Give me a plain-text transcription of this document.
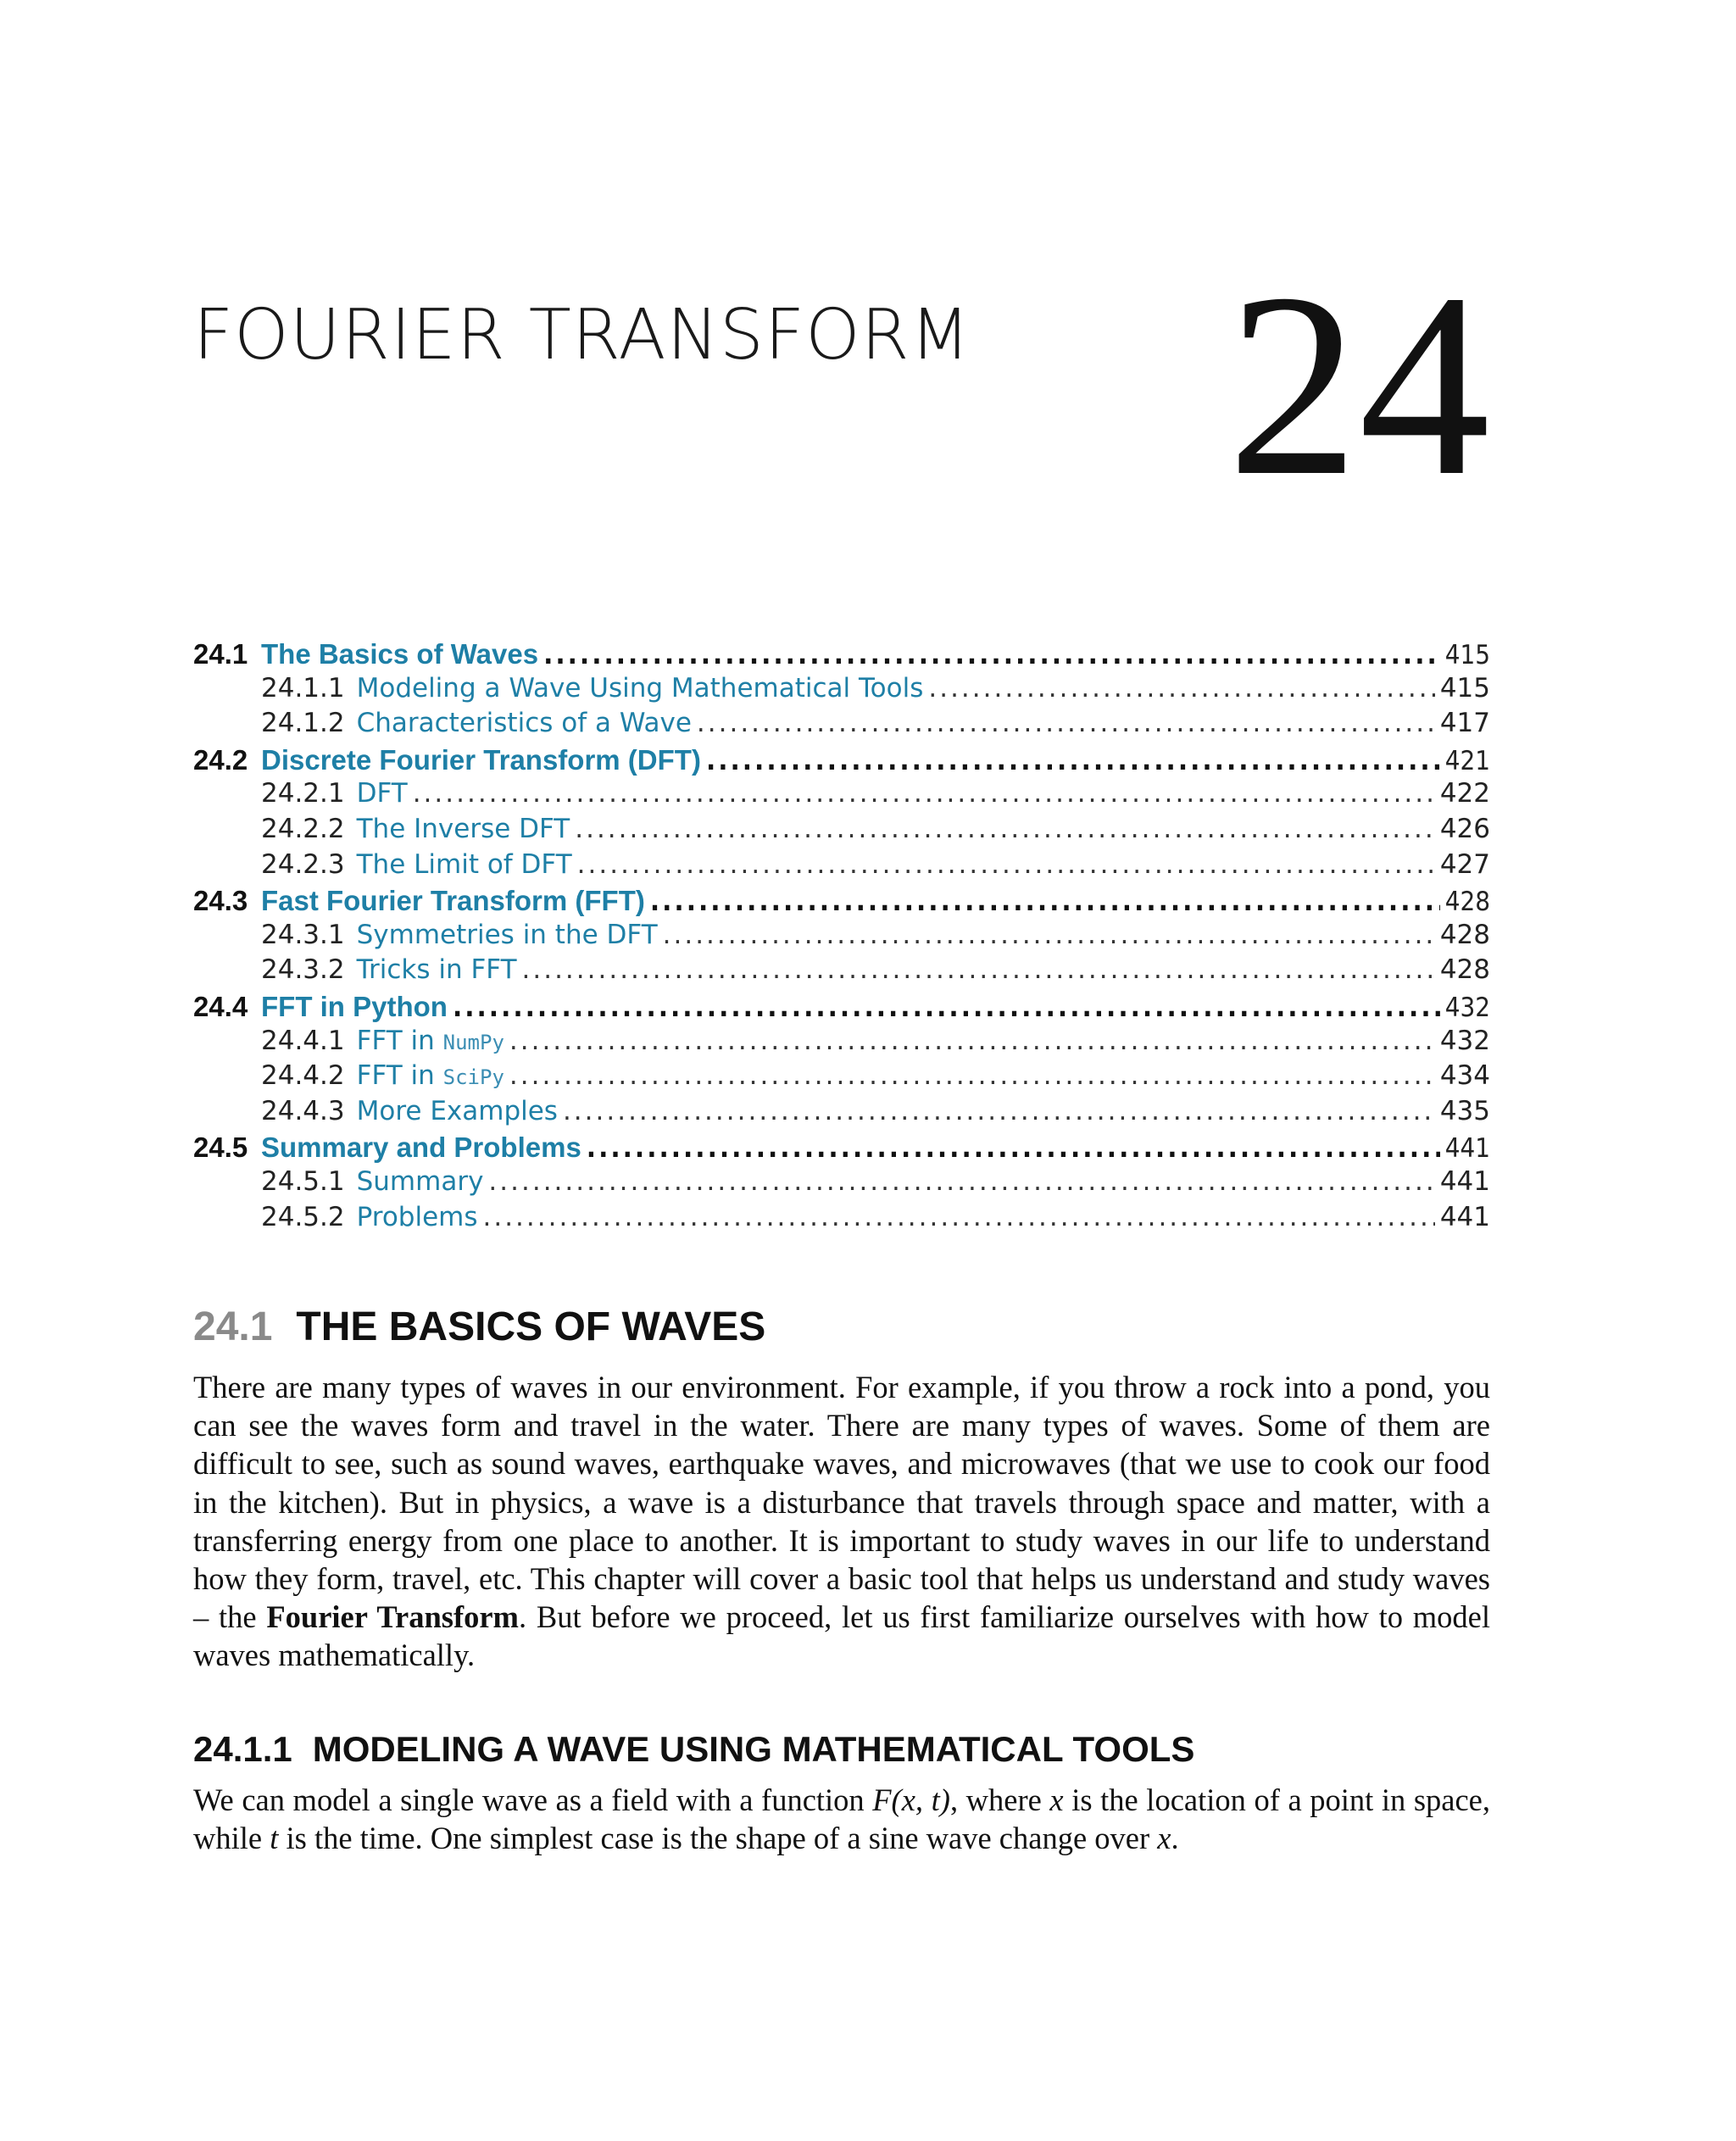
FOURIER TRANSFORM 24
24.1 The Basics of Waves .....	415
24.1.1 Modeling a Wave Using Mathematical Tools .....	415
24.1.2 Characteristics of a Wave .....	417
24.2 Discrete Fourier Transform (DFT) .....	421
24.2.1 DFT .....	422
24.2.2 The Inverse DFT .....	426
24.2.3 The Limit of DFT .....	427
24.3 Fast Fourier Transform (FFT) .....	428
24.3.1 Symmetries in the DFT .....	428
24.3.2 Tricks in FFT .....	428
24.4 FFT in Python .....	432
24.4.1 FFT in NumPy .....	432
24.4.2 FFT in SciPy .....	434
24.4.3 More Examples .....	435
24.5 Summary and Problems .....	441
24.5.1 Summary .....	441
24.5.2 Problems .....	441
24.1 THE BASICS OF WAVES

There are many types of waves in our environment. For example, if you throw a rock into a pond, you can see the waves form and travel in the water. There are many types of waves. Some of them are difficult to see, such as sound waves, earthquake waves, and microwaves (that we use to cook our food in the kitchen). But in physics, a wave is a disturbance that travels through space and matter, with a transferring energy from one place to another. It is important to study waves in our life to understand how they form, travel, etc. This chapter will cover a basic tool that helps us understand and study waves – the Fourier Transform. But before we proceed, let us first familiarize ourselves with how to model waves mathematically.

24.1.1 MODELING A WAVE USING MATHEMATICAL TOOLS

We can model a single wave as a field with a function F(x, t), where x is the location of a point in space, while t is the time. One simplest case is the shape of a sine wave change over x.
